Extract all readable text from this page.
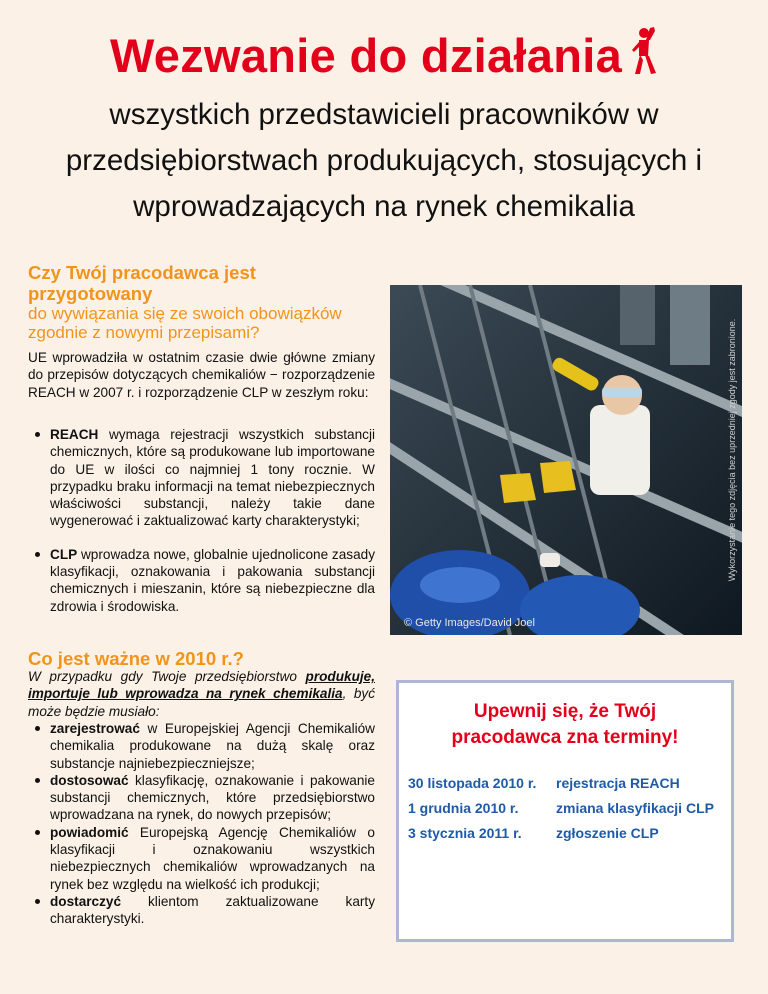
Wezwanie do działania
wszystkich przedstawicieli pracowników w
przedsiębiorstwach produkujących, stosujących i
wprowadzających na rynek chemikalia
Czy Twój pracodawca jest
przygotowany
do wywiązania się ze swoich obowiązków
zgodnie z nowymi przepisami?
UE wprowadziła w ostatnim czasie dwie główne zmiany do przepisów dotyczących chemikaliów − rozporządzenie REACH w 2007 r. i rozporządzenie CLP w zeszłym roku:
REACH wymaga rejestracji wszystkich substancji chemicznych, które są produkowane lub importowane do UE w ilości co najmniej 1 tony rocznie. W przypadku braku informacji na temat niebezpiecznych właściwości substancji, należy takie dane wygenerować i zaktualizować karty charakterystyki;
CLP wprowadza nowe, globalnie ujednolicone zasady klasyfikacji, oznakowania i pakowania substancji chemicznych i mieszanin, które są niebezpieczne dla zdrowia i środowiska.
© Getty Images/David Joel
Wykorzystanie tego zdjęcia bez uprzedniej zgody jest zabronione.
Co jest ważne w 2010 r.?
W przypadku gdy Twoje przedsiębiorstwo produkuje, importuje lub wprowadza na rynek chemikalia, być może będzie musiało:
zarejestrować w Europejskiej Agencji Chemikaliów chemikalia produkowane na dużą skalę oraz substancje najniebezpieczniejsze;
dostosować klasyfikację, oznakowanie i pakowanie substancji chemicznych, które przedsiębiorstwo wprowadzana na rynek, do nowych przepisów;
powiadomić Europejską Agencję Chemikaliów o klasyfikacji i oznakowaniu wszystkich niebezpiecznych chemikaliów wprowadzanych na rynek bez względu na wielkość ich produkcji;
dostarczyć klientom zaktualizowane karty charakterystyki.
Upewnij się, że Twój
pracodawca zna terminy!
30 listopada 2010 r.	rejestracja REACH
1 grudnia 2010 r.	zmiana klasyfikacji CLP
3 stycznia 2011 r.	zgłoszenie CLP
